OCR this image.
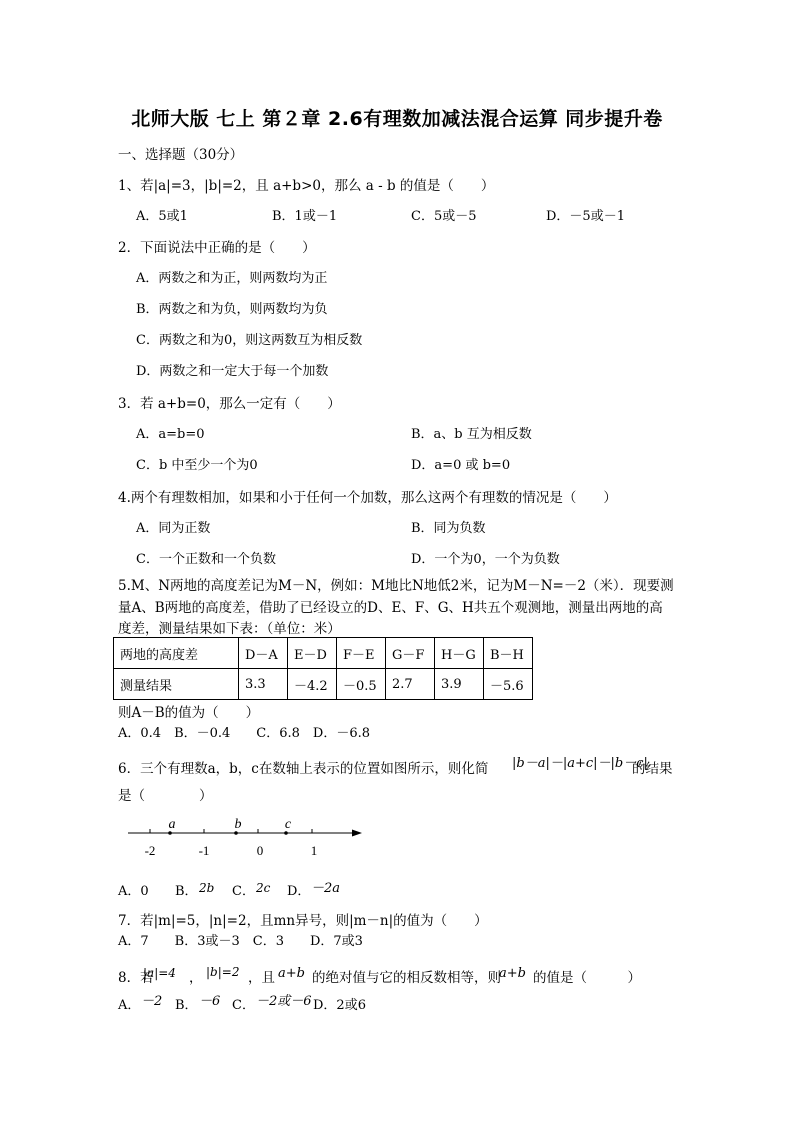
北师大版 七上 第２章 2.6有理数加减法混合运算 同步提升卷
一、选择题（30分）
1、若|a|=3，|b|=2，且 a+b>0，那么 a - b 的值是（　　）
A．5或1	B．1或－1	C．5或－5	D．－5或－1
2．下面说法中正确的是（　　）
A．两数之和为正，则两数均为正
B．两数之和为负，则两数均为负
C．两数之和为0，则这两数互为相反数
D．两数之和一定大于每一个加数
3．若 a+b=0，那么一定有（　　）
A．a=b=0	B．a、b 互为相反数
C．b 中至少一个为0	D．a=0 或 b=0
4.两个有理数相加，如果和小于任何一个加数，那么这两个有理数的情况是（　　）
A．同为正数	B．同为负数
C．一个正数和一个负数	D．一个为0，一个为负数
5.M、N两地的高度差记为M－N，例如：M地比N地低2米，记为M－N=－2（米）．现要测
量A、B两地的高度差，借助了已经设立的D、E、F、G、H共五个观测地，测量出两地的高
度差，测量结果如下表：（单位：米）
两地的高度差	D－A	E－D	F－E	G－F	H－G	B－H
测量结果	3.3	－4.2	－0.5	2.7	3.9	－5.6
则A－B的值为（　　）
A．0.4　B．－0.4　　C．6.8　D．－6.8
6．三个有理数a，b，c在数轴上表示的位置如图所示，则化简 |b－a|－|a+c|－|b－c|
的结果
是（　　　　）
-2	-1	0	1
a	b	c
A．0 B． 2b C． 2c D． －2a
7．若|m|=5，|n|=2，且mn异号，则|m－n|的值为（　　）
A．7　　B．3或－3　C．3　　D．7或3
8．若
|a|=4 ， |b|=2 ，且 a+b 的绝对值与它的相反数相等，则
a+b 的值是（　　　）
A． －2 B． －6 C． －2或－6 D．2或6
